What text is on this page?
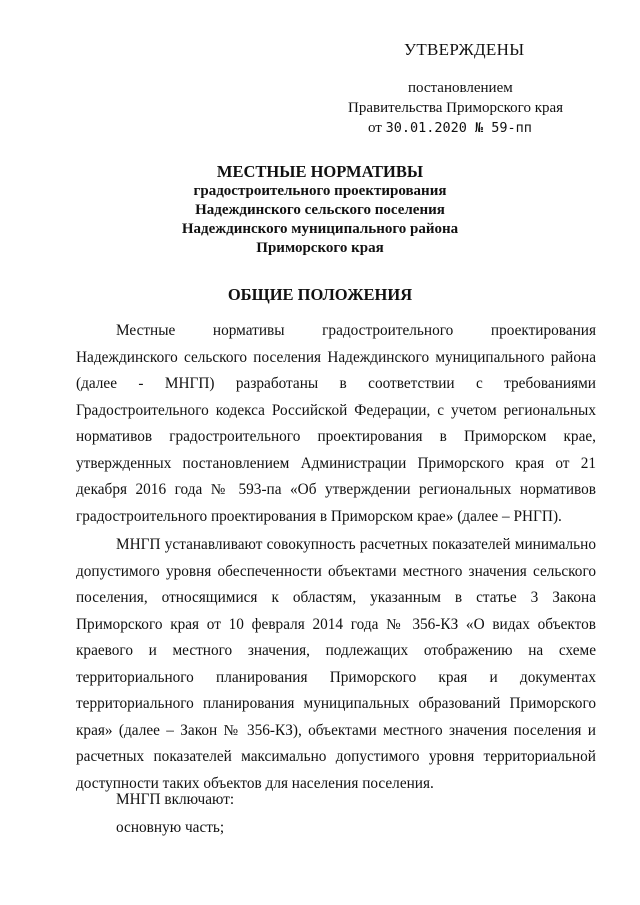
УТВЕРЖДЕНЫ
постановлением
Правительства Приморского края
от 30.01.2020 № 59-пп
МЕСТНЫЕ НОРМАТИВЫ
градостроительного проектирования
Надеждинского сельского поселения
Надеждинского муниципального района
Приморского края
ОБЩИЕ ПОЛОЖЕНИЯ
Местные нормативы градостроительного проектирования Надеждинского сельского поселения Надеждинского муниципального района (далее - МНГП) разработаны в соответствии с требованиями Градостроительного кодекса Российской Федерации, с учетом региональных нормативов градостроительного проектирования в Приморском крае, утвержденных постановлением Администрации Приморского края от 21 декабря 2016 года № 593-па «Об утверждении региональных нормативов градостроительного проектирования в Приморском крае» (далее – РНГП).
МНГП устанавливают совокупность расчетных показателей минимально допустимого уровня обеспеченности объектами местного значения сельского поселения, относящимися к областям, указанным в статье 3 Закона Приморского края от 10 февраля 2014 года № 356-КЗ «О видах объектов краевого и местного значения, подлежащих отображению на схеме территориального планирования Приморского края и документах территориального планирования муниципальных образований Приморского края» (далее – Закон № 356-КЗ), объектами местного значения поселения и расчетных показателей максимально допустимого уровня территориальной доступности таких объектов для населения поселения.
МНГП включают:
основную часть;
